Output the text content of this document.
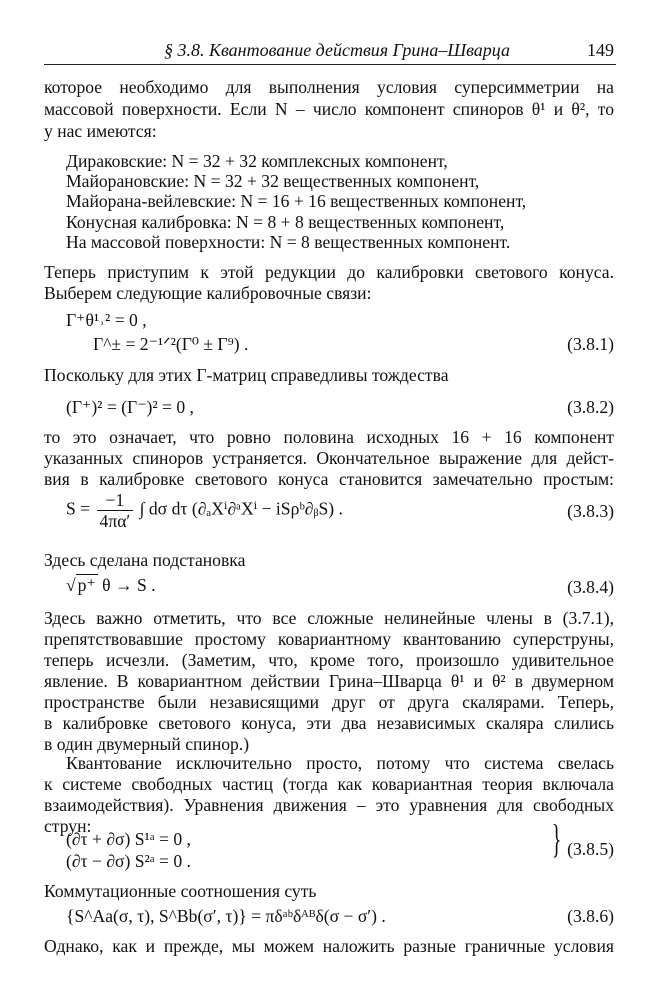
§ 3.8. Квантование действия Грина–Шварца	149
которое необходимо для выполнения условия суперсимметрии на
массовой поверхности. Если N – число компонент спиноров θ¹ и θ², то
у нас имеются:
Дираковские: N = 32 + 32 комплексных компонент,
Майорановские: N = 32 + 32 вещественных компонент,
Майорана-вейлевские: N = 16 + 16 вещественных компонент,
Конусная калибровка: N = 8 + 8 вещественных компонент,
На массовой поверхности: N = 8 вещественных компонент.
Теперь приступим к этой редукции до калибровки светового конуса.
Выберем следующие калибровочные связи:
Γ⁺θ¹˒² = 0 ,
Γ^± = 2⁻¹ᐟ²(Γ⁰ ± Γ⁹) .	(3.8.1)
Поскольку для этих Γ-матриц справедливы тождества
(Γ⁺)² = (Γ⁻)² = 0 ,	(3.8.2)
то это означает, что ровно половина исходных 16 + 16 компонент
указанных спиноров устраняется. Окончательное выражение для дейст-
вия в калибровке светового конуса становится замечательно простым:
$S = \frac{-1}{4\pi\alpha'}$ ∫ dσ dτ (∂ₐXⁱ∂ᵃXⁱ − iSρᵇ∂ᵦS) .	(3.8.3)
Здесь сделана подстановка
√ p⁺ θ → S .	(3.8.4)
Здесь важно отметить, что все сложные нелинейные члены в (3.7.1),
препятствовавшие простому ковариантному квантованию суперструны,
теперь исчезли. (Заметим, что, кроме того, произошло удивительное
явление. В ковариантном действии Грина–Шварца θ¹ и θ² в двумерном
пространстве были независящими друг от друга скалярами. Теперь,
в калибровке светового конуса, эти два независимых скаляра слились
в один двумерный спинор.)
Квантование исключительно просто, потому что система свелась
к системе свободных частиц (тогда как ковариантная теория включала
взаимодействия). Уравнения движения – это уравнения для свободных
струн:
(∂τ + ∂σ) S¹ᵃ = 0 ,
(∂τ − ∂σ) S²ᵃ = 0 .	} (3.8.5)
Коммутационные соотношения суть
{S^Aa(σ, τ), S^Bb(σ′, τ)} = πδᵃᵇδᴬᴮδ(σ − σ′) .	(3.8.6)
Однако, как и прежде, мы можем наложить разные граничные условия
